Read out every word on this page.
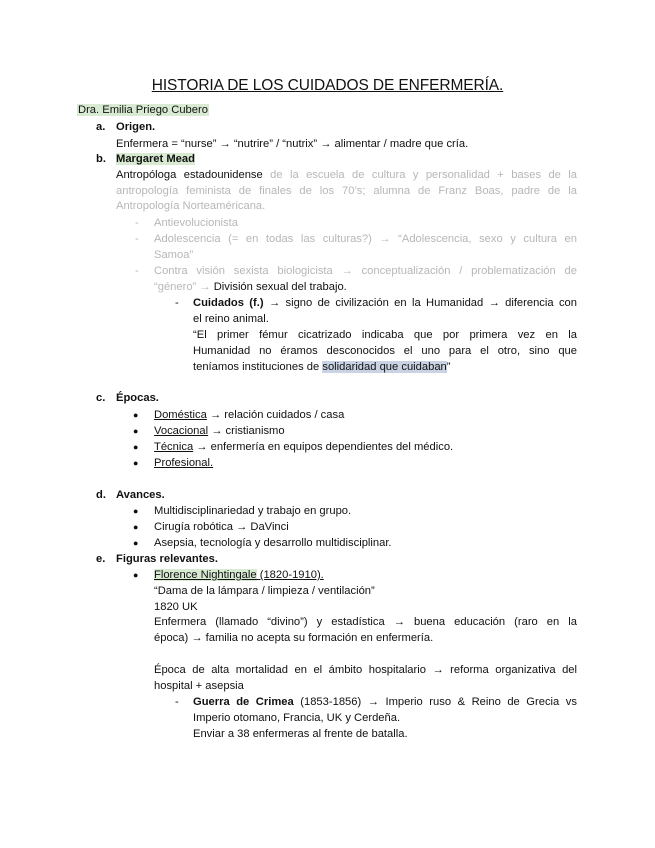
HISTORIA DE LOS CUIDADOS DE ENFERMERÍA.
Dra. Emilia Priego Cubero
a. Origen.
Enfermera = “nurse” → “nutrire” / “nutrix” → alimentar / madre que cría.
b. Margaret Mead
Antropóloga estadounidense de la escuela de cultura y personalidad + bases de la
antropología feminista de finales de los 70’s; alumna de Franz Boas, padre de la
Antropología Norteaméricana.
- Antievolucionista
- Adolescencia (= en todas las culturas?) → “Adolescencia, sexo y cultura en
Samoa”
- Contra visión sexista biologicista → conceptualización / problematización de
“género” → División sexual del trabajo.
- Cuidados (f.) → signo de civilización en la Humanidad → diferencia con
el reino animal.
“El primer fémur cicatrizado indicaba que por primera vez en la
Humanidad no éramos desconocidos el uno para el otro, sino que
teníamos instituciones de solidaridad que cuidaban”
c. Épocas.
● Doméstica → relación cuidados / casa
● Vocacional → cristianismo
● Técnica → enfermería en equipos dependientes del médico.
● Profesional.
d. Avances.
● Multidisciplinariedad y trabajo en grupo.
● Cirugía robótica → DaVinci
● Asepsia, tecnología y desarrollo multidisciplinar.
e. Figuras relevantes.
● Florence Nightingale (1820-1910).
“Dama de la lámpara / limpieza / ventilación”
1820 UK
Enfermera (llamado “divino”) y estadística → buena educación (raro en la
época) → familia no acepta su formación en enfermería.
Época de alta mortalidad en el ámbito hospitalario → reforma organizativa del
hospital + asepsia
- Guerra de Crimea (1853-1856) → Imperio ruso & Reino de Grecia vs
Imperio otomano, Francia, UK y Cerdeña.
Enviar a 38 enfermeras al frente de batalla.
